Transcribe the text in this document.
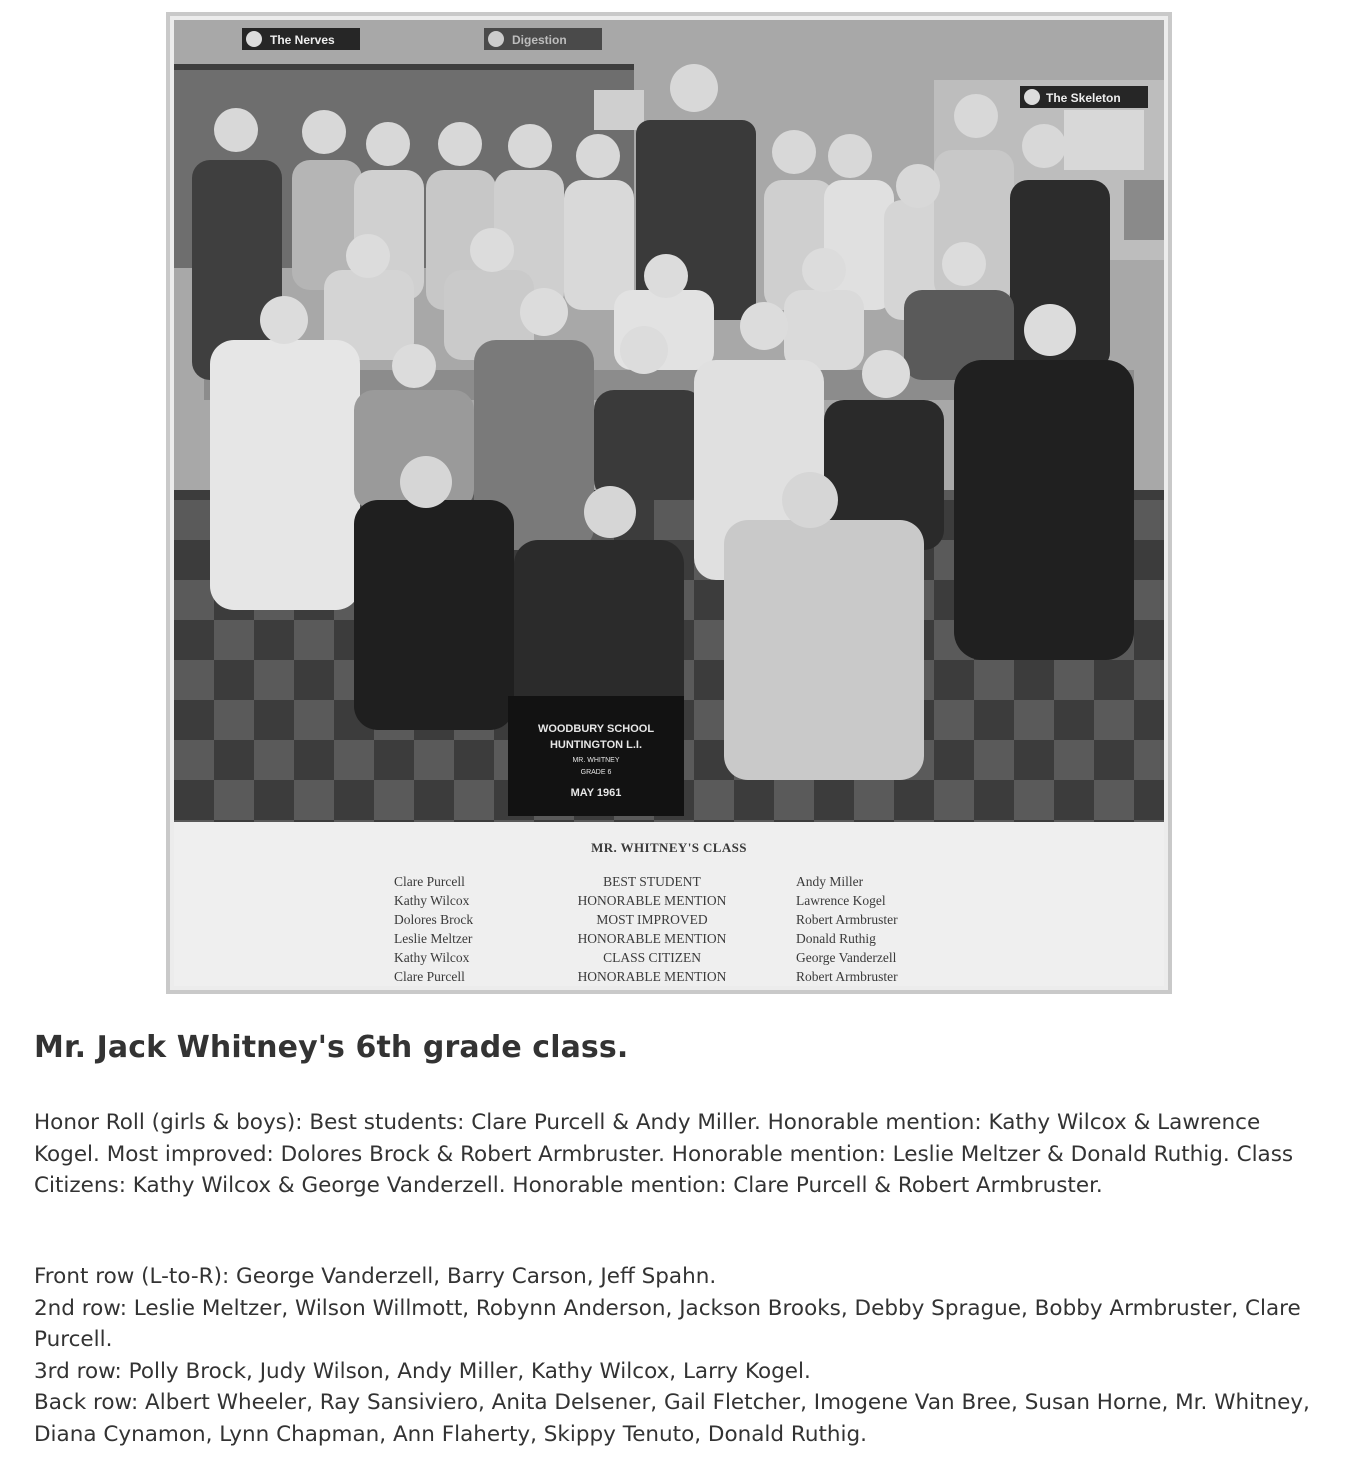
The Nerves	Digestion
The Skeleton
WOODBURY SCHOOL
HUNTINGTON L.I.
MR. WHITNEY
GRADE 6
MAY 1961
MR. WHITNEY'S CLASS
Clare Purcell
Kathy Wilcox
Dolores Brock
Leslie Meltzer
Kathy Wilcox
Clare Purcell
BEST STUDENT
HONORABLE MENTION
MOST IMPROVED
HONORABLE MENTION
CLASS CITIZEN
HONORABLE MENTION
Andy Miller
Lawrence Kogel
Robert Armbruster
Donald Ruthig
George Vanderzell
Robert Armbruster
Mr. Jack Whitney's 6th grade class.

Honor Roll (girls & boys): Best students: Clare Purcell & Andy Miller. Honorable mention: Kathy Wilcox & Lawrence Kogel. Most improved: Dolores Brock & Robert Armbruster. Honorable mention: Leslie Meltzer & Donald Ruthig. Class Citizens: Kathy Wilcox & George Vanderzell. Honorable mention: Clare Purcell & Robert Armbruster.

Front row (L-to-R): George Vanderzell, Barry Carson, Jeff Spahn.

2nd row: Leslie Meltzer, Wilson Willmott, Robynn Anderson, Jackson Brooks, Debby Sprague, Bobby Armbruster, Clare Purcell.

3rd row: Polly Brock, Judy Wilson, Andy Miller, Kathy Wilcox, Larry Kogel.

Back row: Albert Wheeler, Ray Sansiviero, Anita Delsener, Gail Fletcher, Imogene Van Bree, Susan Horne, Mr. Whitney, Diana Cynamon, Lynn Chapman, Ann Flaherty, Skippy Tenuto, Donald Ruthig.
